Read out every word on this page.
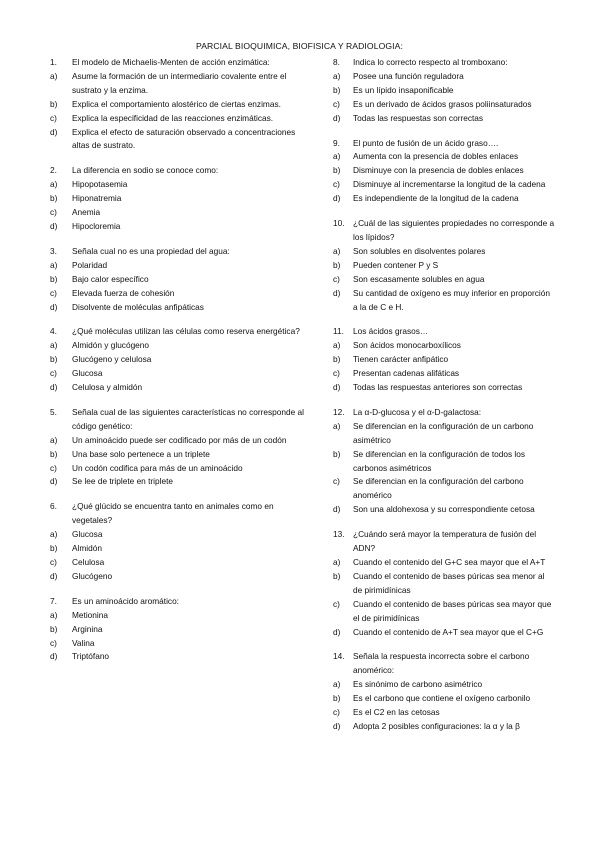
PARCIAL BIOQUIMICA, BIOFISICA Y RADIOLOGIA:
1.	El modelo de Michaelis-Menten de acción enzimática:
a)	Asume la formación de un intermediario covalente entre el sustrato y la enzima.
b)	Explica el comportamiento alostérico de ciertas enzimas.
c)	Explica la especificidad de las reacciones enzimáticas.
d)	Explica el efecto de saturación observado a concentraciones altas de sustrato.
2.	La diferencia en sodio se conoce como:
a)	Hipopotasemia
b)	Hiponatremia
c)	Anemia
d)	Hipocloremia
3.	Señala cual no es una propiedad del agua:
a)	Polaridad
b)	Bajo calor específico
c)	Elevada fuerza de cohesión
d)	Disolvente de moléculas anfipáticas
4.	¿Qué moléculas utilizan las células como reserva energética?
a)	Almidón y glucógeno
b)	Glucógeno y celulosa
c)	Glucosa
d)	Celulosa y almidón
5.	Señala cual de las siguientes características no corresponde al código genético:
a)	Un aminoácido puede ser codificado por más de un codón
b)	Una base solo pertenece a un triplete
c)	Un codón codifica para más de un aminoácido
d)	Se lee de triplete en triplete
6.	¿Qué glúcido se encuentra tanto en animales como en vegetales?
a)	Glucosa
b)	Almidón
c)	Celulosa
d)	Glucógeno
7.	Es un aminoácido aromático:
a)	Metionina
b)	Arginina
c)	Valina
d)	Triptófano
8.	Indica lo correcto respecto al tromboxano:
a)	Posee una función reguladora
b)	Es un lípido insaponificable
c)	Es un derivado de ácidos grasos poliinsaturados
d)	Todas las respuestas son correctas
9.	El punto de fusión de un ácido graso….
a)	Aumenta con la presencia de dobles enlaces
b)	Disminuye con la presencia de dobles enlaces
c)	Disminuye al incrementarse la longitud de la cadena
d)	Es independiente de la longitud de la cadena
10.	¿Cuál de las siguientes propiedades no corresponde a los lípidos?
a)	Son solubles en disolventes polares
b)	Pueden contener P y S
c)	Son escasamente solubles en agua
d)	Su cantidad de oxígeno es muy inferior en proporción a la de C e H.
11.	Los ácidos grasos…
a)	Son ácidos monocarboxílicos
b)	Tienen carácter anfipático
c)	Presentan cadenas alifáticas
d)	Todas las respuestas anteriores son correctas
12.	La α-D-glucosa y el α-D-galactosa:
a)	Se diferencian en la configuración de un carbono asimétrico
b)	Se diferencian en la configuración de todos los carbonos asimétricos
c)	Se diferencian en la configuración del carbono anomérico
d)	Son una aldohexosa y su correspondiente cetosa
13.	¿Cuándo será mayor la temperatura de fusión del ADN?
a)	Cuando el contenido del G+C sea mayor que el A+T
b)	Cuando el contenido de bases púricas sea menor al de pirimidínicas
c)	Cuando el contenido de bases púricas sea mayor que el de pirimidínicas
d)	Cuando el contenido de A+T sea mayor que el C+G
14.	Señala la respuesta incorrecta sobre el carbono anomérico:
a)	Es sinónimo de carbono asimétrico
b)	Es el carbono que contiene el oxígeno carbonilo
c)	Es el C2 en las cetosas
d)	Adopta 2 posibles configuraciones: la α y la β
